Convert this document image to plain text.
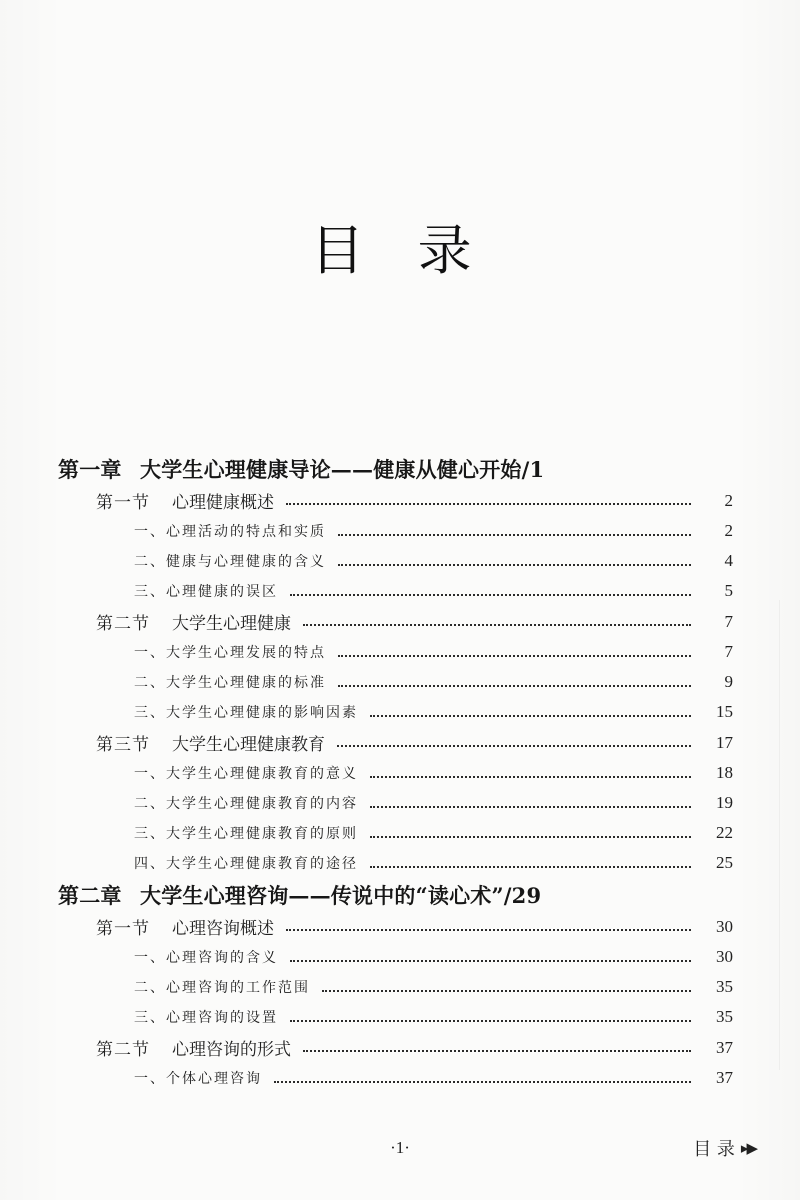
目 录
第一章 大学生心理健康导论——健康从健心开始/1
第一节	心理健康概述	2
一、心理活动的特点和实质	2
二、健康与心理健康的含义	4
三、心理健康的误区	5
第二节	大学生心理健康	7
一、大学生心理发展的特点	7
二、大学生心理健康的标准	9
三、大学生心理健康的影响因素	15
第三节	大学生心理健康教育	17
一、大学生心理健康教育的意义	18
二、大学生心理健康教育的内容	19
三、大学生心理健康教育的原则	22
四、大学生心理健康教育的途径	25
第二章 大学生心理咨询——传说中的“读心术”/29
第一节	心理咨询概述	30
一、心理咨询的含义	30
二、心理咨询的工作范围	35
三、心理咨询的设置	35
第二节	心理咨询的形式	37
一、个体心理咨询	37
·1·	目 录 ▸▶
